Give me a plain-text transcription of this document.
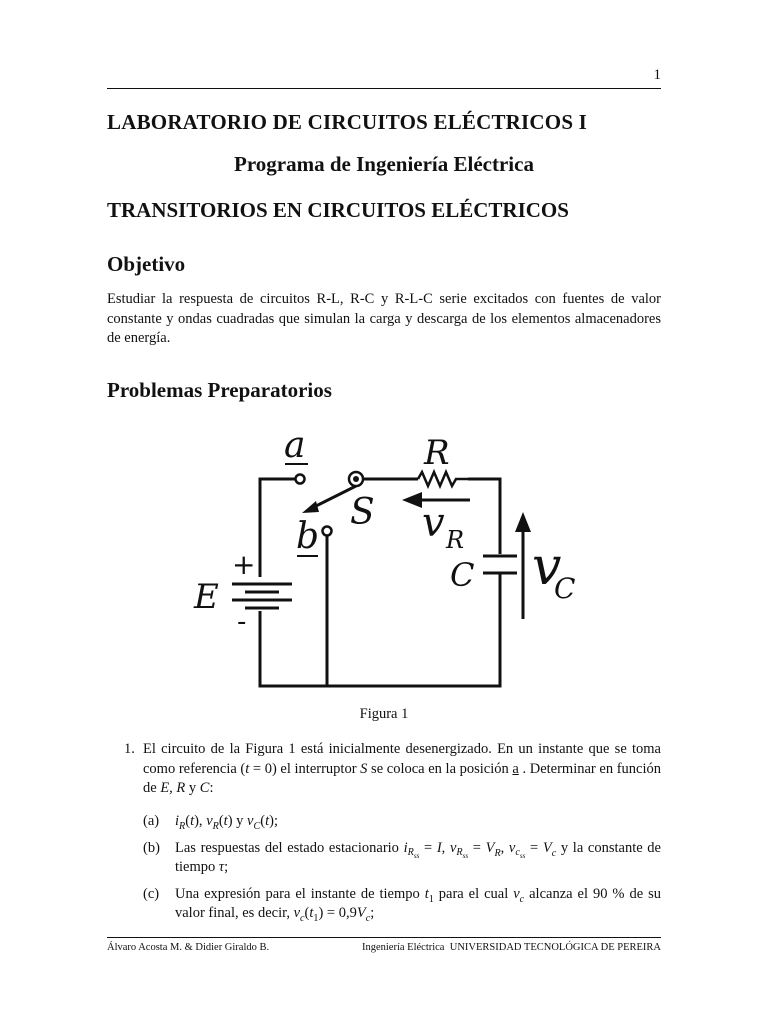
1
LABORATORIO DE CIRCUITOS ELÉCTRICOS I
Programa de Ingeniería Eléctrica
TRANSITORIOS EN CIRCUITOS ELÉCTRICOS
Objetivo
Estudiar la respuesta de circuitos R-L, R-C y R-L-C serie excitados con fuentes de valor constante y ondas cuadradas que simulan la carga y descarga de los elementos almacenadores de energía.
Problemas Preparatorios
a
b
S
R
v R
C v
C
E
+
-
Figura 1
1. El circuito de la Figura 1 está inicialmente desenergizado. En un instante que se toma como referencia (t = 0) el interruptor S se coloca en la posición a . Determinar en función de E, R y C:
(a) $i_R(t)$, $v_R(t)$ y $v_C(t)$;
(b) Las respuestas del estado estacionario $i_{R_{ss}} = I$, $v_{R_{ss}} = V_R$, $v_{c_{ss}} = V_c$ y la constante de tiempo τ;
(c) Una expresión para el instante de tiempo $t_1$ para el cual $v_c$ alcanza el 90 % de su valor final, es decir, $v_c(t_1) = 0,9V_c$;
Álvaro Acosta M. & Didier Giraldo B.	Ingeniería Eléctrica UNIVERSIDAD TECNOLÓGICA DE PEREIRA
